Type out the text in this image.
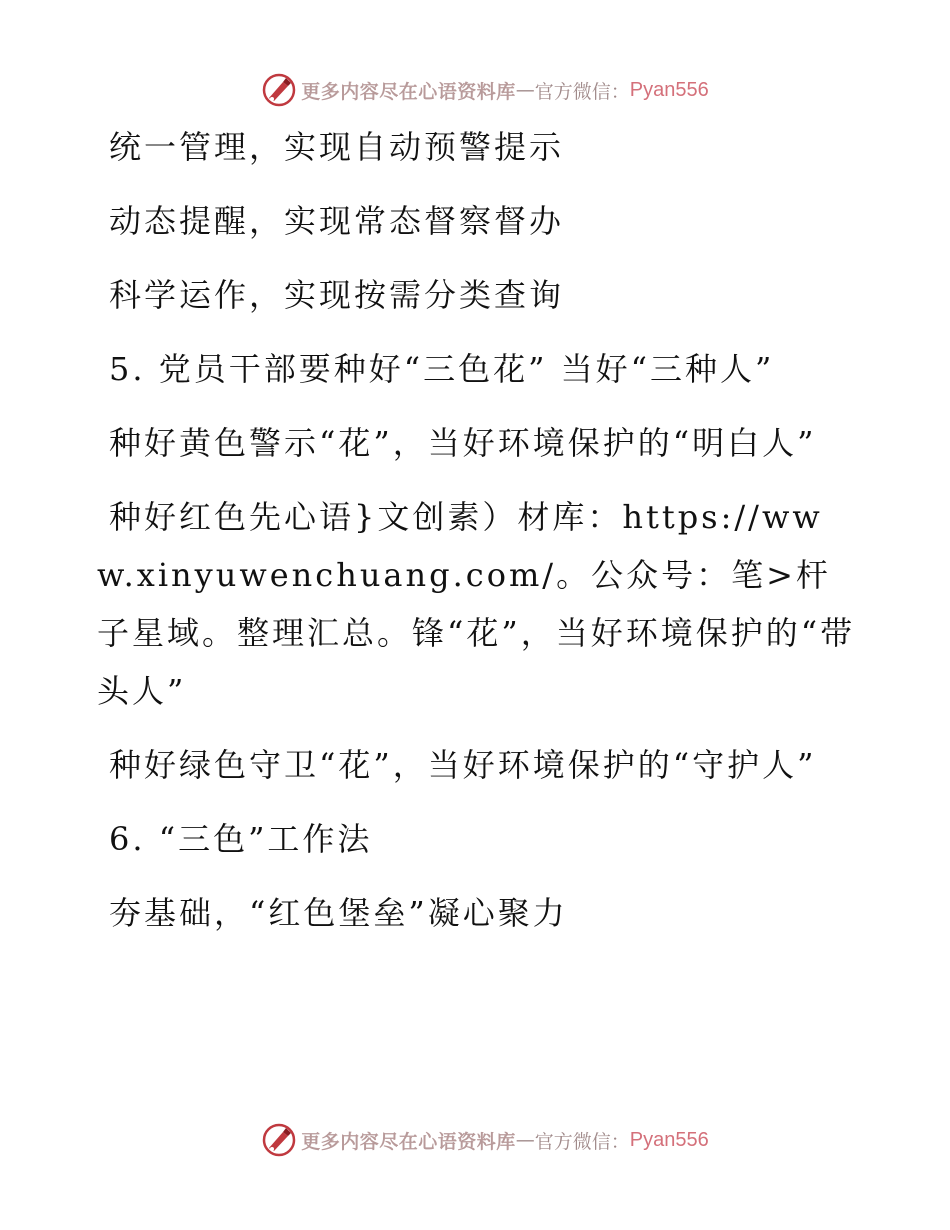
更多内容尽在心语资料库 — 官方微信： Pyan556

统一管理，实现自动预警提示

动态提醒，实现常态督察督办

科学运作，实现按需分类查询

5. 党员干部要种好“三色花” 当好“三种人”

种好黄色警示“花”，当好环境保护的“明白人”

种好红色先心语}文创素）材库：https://www.xinyuwenchuang.com/。公众号：笔>杆子星域。整理汇总。锋“花”，当好环境保护的“带头人”

种好绿色守卫“花”，当好环境保护的“守护人”

6. “三色”工作法

夯基础，“红色堡垒”凝心聚力

更多内容尽在心语资料库 — 官方微信： Pyan556
